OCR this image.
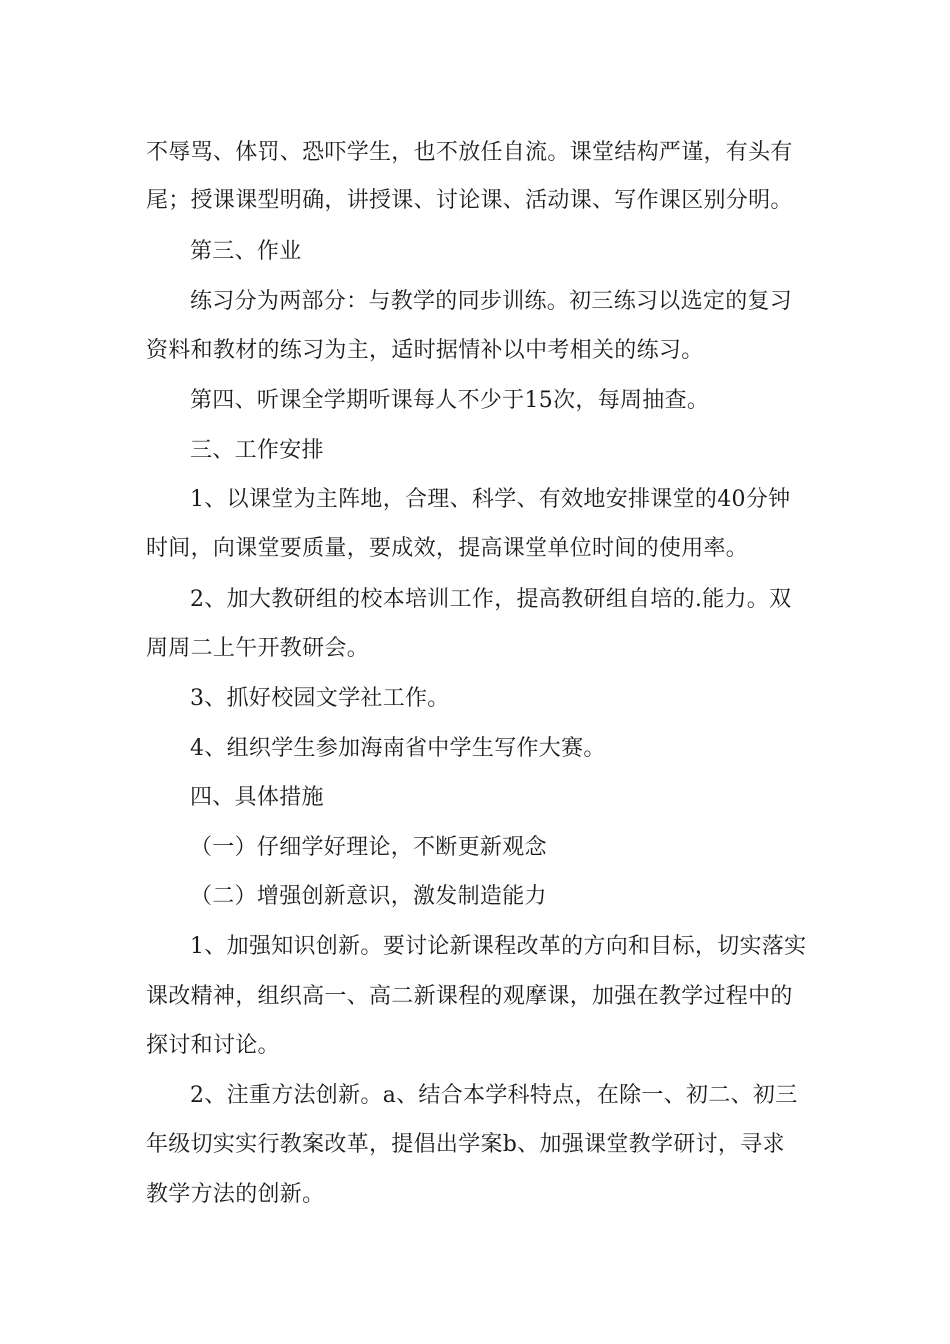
不辱骂、体罚、恐吓学生，也不放任自流。课堂结构严谨，有头有

尾；授课课型明确，讲授课、讨论课、活动课、写作课区别分明。

第三、作业

练习分为两部分：与教学的同步训练。初三练习以选定的复习

资料和教材的练习为主，适时据情补以中考相关的练习。

第四、听课全学期听课每人不少于15次，每周抽查。

三、工作安排

1、以课堂为主阵地，合理、科学、有效地安排课堂的40分钟

时间，向课堂要质量，要成效，提高课堂单位时间的使用率。

2、加大教研组的校本培训工作，提高教研组自培的.能力。双

周周二上午开教研会。

3、抓好校园文学社工作。

4、组织学生参加海南省中学生写作大赛。

四、具体措施

（一）仔细学好理论，不断更新观念

（二）增强创新意识，激发制造能力

1、加强知识创新。要讨论新课程改革的方向和目标，切实落实

课改精神，组织高一、高二新课程的观摩课，加强在教学过程中的

探讨和讨论。

2、注重方法创新。a、结合本学科特点，在除一、初二、初三

年级切实实行教案改革，提倡出学案b、加强课堂教学研讨，寻求

教学方法的创新。
